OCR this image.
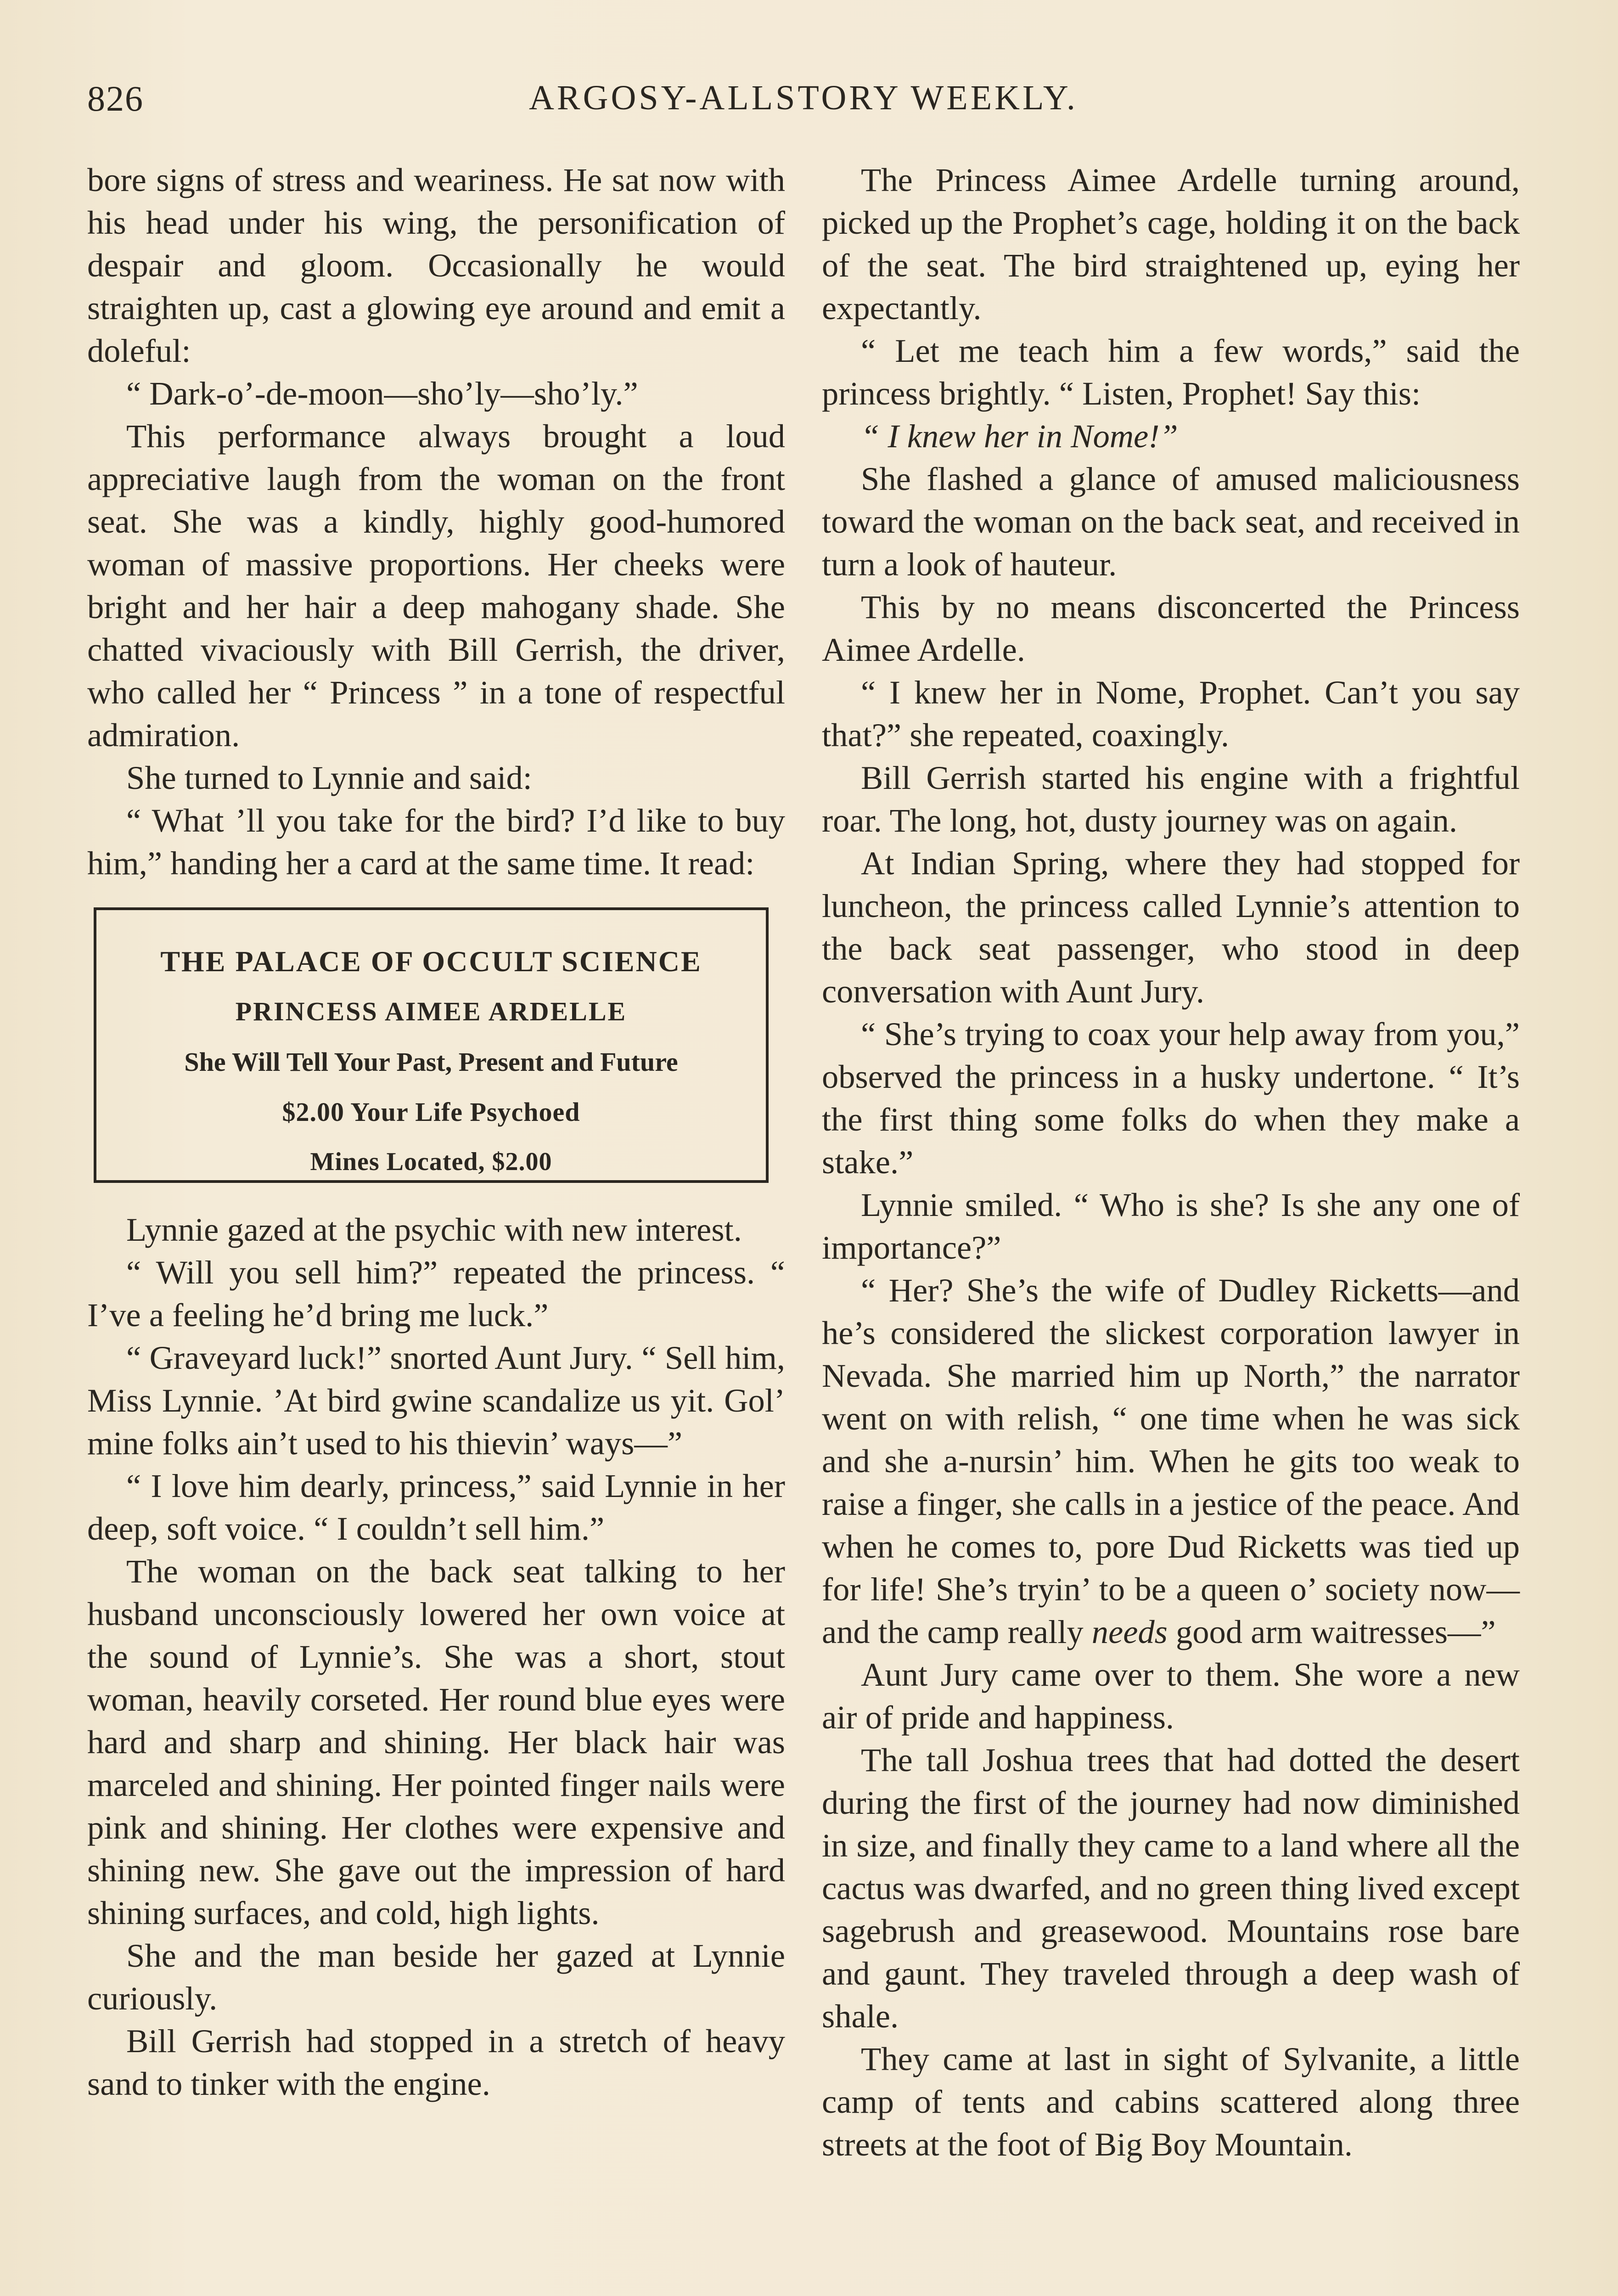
826	ARGOSY-ALLSTORY WEEKLY.

bore signs of stress and weariness. He sat now with his head under his wing, the personification of despair and gloom. Occasionally he would straighten up, cast a glowing eye around and emit a doleful:

“ Dark-o’-de-moon—sho’ly—sho’ly.”

This performance always brought a loud appreciative laugh from the woman on the front seat. She was a kindly, highly good-humored woman of massive proportions. Her cheeks were bright and her hair a deep mahogany shade. She chatted vivaciously with Bill Gerrish, the driver, who called her “ Princess ” in a tone of respectful admiration.

She turned to Lynnie and said:

“ What ’ll you take for the bird? I’d like to buy him,” handing her a card at the same time. It read:

THE PALACE OF OCCULT SCIENCE
PRINCESS AIMEE ARDELLE
She Will Tell Your Past, Present and Future
$2.00 Your Life Psychoed
Mines Located, $2.00

Lynnie gazed at the psychic with new interest.

“ Will you sell him?” repeated the princess. “ I’ve a feeling he’d bring me luck.”

“ Graveyard luck!” snorted Aunt Jury. “ Sell him, Miss Lynnie. ’At bird gwine scandalize us yit. Gol’ mine folks ain’t used to his thievin’ ways—”

“ I love him dearly, princess,” said Lynnie in her deep, soft voice. “ I couldn’t sell him.”

The woman on the back seat talking to her husband unconsciously lowered her own voice at the sound of Lynnie’s. She was a short, stout woman, heavily corseted. Her round blue eyes were hard and sharp and shining. Her black hair was marceled and shining. Her pointed finger nails were pink and shining. Her clothes were expensive and shining new. She gave out the impression of hard shining surfaces, and cold, high lights.

She and the man beside her gazed at Lynnie curiously.

Bill Gerrish had stopped in a stretch of heavy sand to tinker with the engine.

The Princess Aimee Ardelle turning around, picked up the Prophet’s cage, holding it on the back of the seat. The bird straightened up, eying her expectantly.

“ Let me teach him a few words,” said the princess brightly. “ Listen, Prophet! Say this:

“ I knew her in Nome!”

She flashed a glance of amused maliciousness toward the woman on the back seat, and received in turn a look of hauteur.

This by no means disconcerted the Princess Aimee Ardelle.

“ I knew her in Nome, Prophet. Can’t you say that?” she repeated, coaxingly.

Bill Gerrish started his engine with a frightful roar. The long, hot, dusty journey was on again.

At Indian Spring, where they had stopped for luncheon, the princess called Lynnie’s attention to the back seat passenger, who stood in deep conversation with Aunt Jury.

“ She’s trying to coax your help away from you,” observed the princess in a husky undertone. “ It’s the first thing some folks do when they make a stake.”

Lynnie smiled. “ Who is she? Is she any one of importance?”

“ Her? She’s the wife of Dudley Ricketts—and he’s considered the slickest corporation lawyer in Nevada. She married him up North,” the narrator went on with relish, “ one time when he was sick and she a-nursin’ him. When he gits too weak to raise a finger, she calls in a jestice of the peace. And when he comes to, pore Dud Ricketts was tied up for life! She’s tryin’ to be a queen o’ society now—and the camp really needs good arm waitresses—”

Aunt Jury came over to them. She wore a new air of pride and happiness.

The tall Joshua trees that had dotted the desert during the first of the journey had now diminished in size, and finally they came to a land where all the cactus was dwarfed, and no green thing lived except sagebrush and greasewood. Mountains rose bare and gaunt. They traveled through a deep wash of shale.

They came at last in sight of Sylvanite, a little camp of tents and cabins scattered along three streets at the foot of Big Boy Mountain.
